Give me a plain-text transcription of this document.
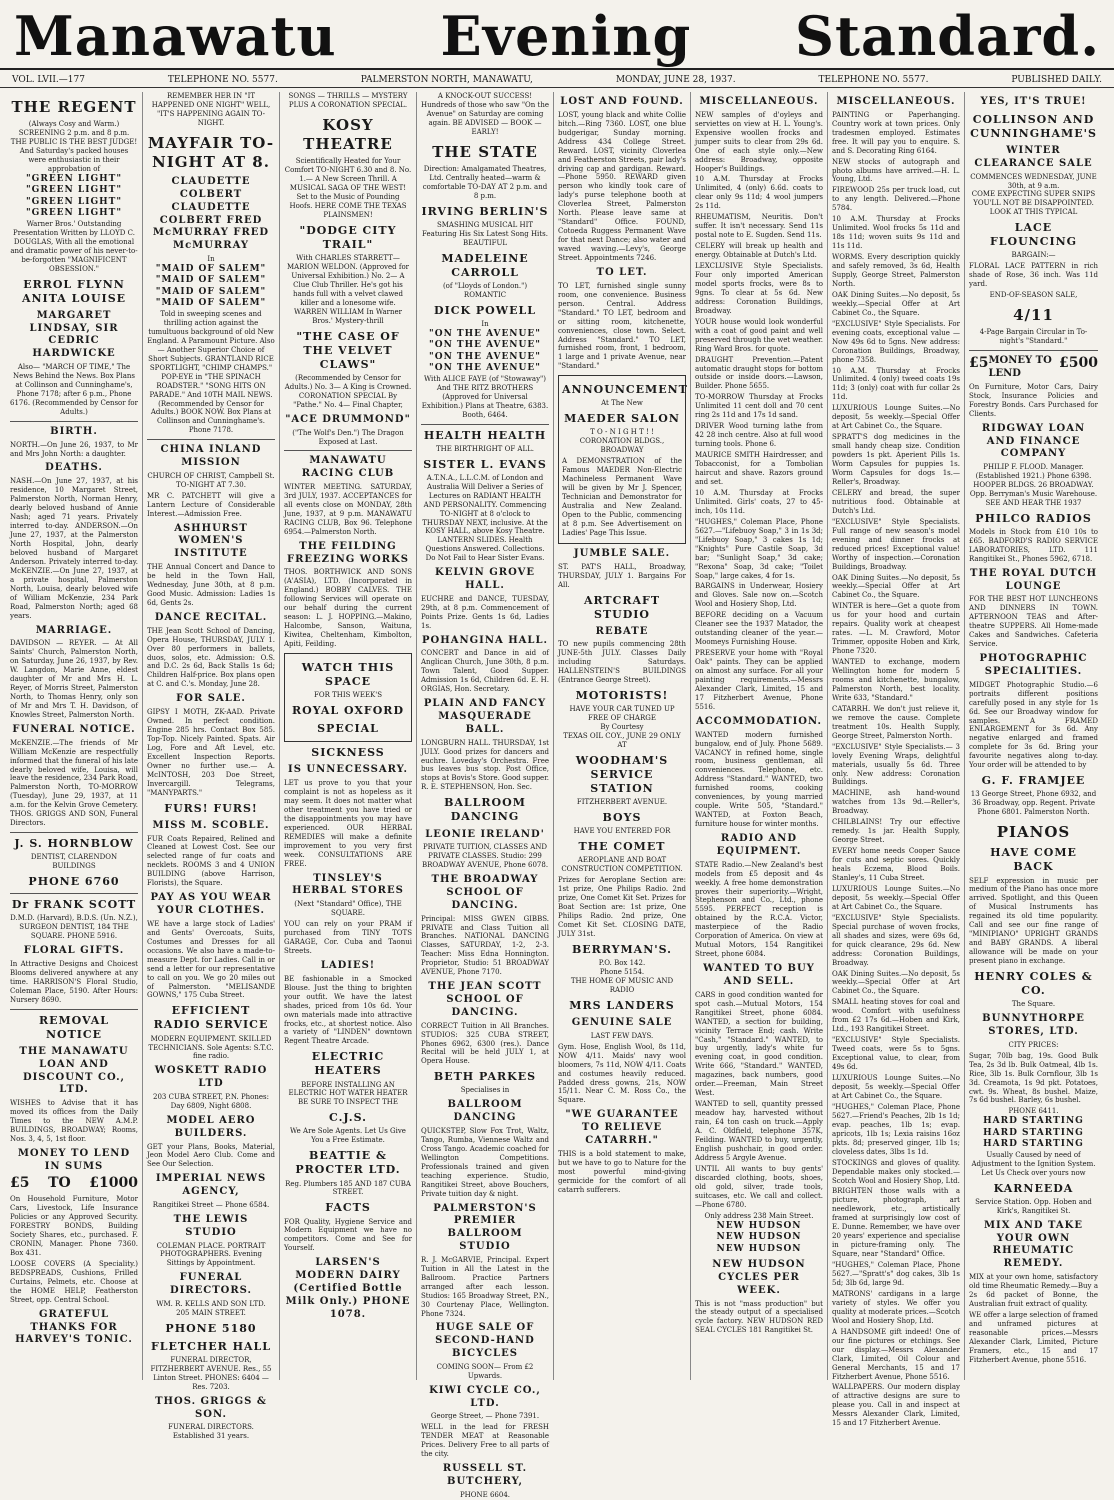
Manawatu Evening Standard.
VOL. LVII.—177	TELEPHONE NO. 5577.	PALMERSTON NORTH, MANAWATU,	MONDAY, JUNE 28, 1937.	TELEPHONE NO. 5577.	PUBLISHED DAILY.
THE REGENT
(Always Cosy and Warm.) SCREENING 2 p.m. and 8 p.m. THE PUBLIC IS THE BEST JUDGE! And Saturday's packed houses were enthusiastic in their approbation of
"GREEN LIGHT"
"GREEN LIGHT"
"GREEN LIGHT"
"GREEN LIGHT"
Warner Bros.' Outstanding Presentation Written by LLOYD C. DOUGLAS, With all the emotional and dramatic power of his never-to-be-forgotten "MAGNIFICENT OBSESSION."
ERROL FLYNN ANITA LOUISE
MARGARET LINDSAY, SIR CEDRIC HARDWICKE
Also— "MARCH OF TIME," The News Behind the News. Box Plans at Collinson and Cunninghame's, Phone 7178; after 6 p.m., Phone 6176. (Recommended by Censor for Adults.)
BIRTH.
NORTH.—On June 26, 1937, to Mr and Mrs John North: a daughter.
DEATHS.
NASH.—On June 27, 1937, at his residence, 10 Margaret Street, Palmerston North, Norman Henry, dearly beloved husband of Annie Nash; aged 71 years. Privately interred to-day. ANDERSON.—On June 27, 1937, at the Palmerston North Hospital, John, dearly beloved husband of Margaret Anderson. Privately interred to-day. McKENZIE.—On June 27, 1937, at a private hospital, Palmerston North, Louisa, dearly beloved wife of William McKenzie, 234 Park Road, Palmerston North; aged 68 years.
MARRIAGE.
DAVIDSON — REYER. — At All Saints' Church, Palmerston North, on Saturday, June 26, 1937, by Rev. W. Langdon, Marie Anne, eldest daughter of Mr and Mrs H. L. Reyer, of Morris Street, Palmerston North, to Thomas Henry, only son of Mr and Mrs T. H. Davidson, of Knowles Street, Palmerston North.
FUNERAL NOTICE.
McKENZIE.—The friends of Mr William McKenzie are respectfully informed that the funeral of his late dearly beloved wife, Louisa, will leave the residence, 234 Park Road, Palmerston North, TO-MORROW (Tuesday), June 29, 1937, at 11 a.m. for the Kelvin Grove Cemetery. THOS. GRIGGS AND SON, Funeral Directors.
J. S. HORNBLOW
DENTIST, CLARENDON BUILDINGS
PHONE 6760
Dr FRANK SCOTT
D.M.D. (Harvard), B.D.S. (Un. N.Z.), SURGEON DENTIST, 184 THE SQUARE. PHONE 5916.
FLORAL GIFTS.
In Attractive Designs and Choicest Blooms delivered anywhere at any time. HARRISON'S Floral Studio, Coleman Place, 5190. After Hours: Nursery 8690.
REMOVAL NOTICE
THE MANAWATU LOAN AND DISCOUNT CO., LTD.
WISHES to Advise that it has moved its offices from the Daily Times to the NEW A.M.P. BUILDINGS, BROADWAY; Rooms, Nos. 3, 4, 5, 1st floor.
MONEY TO LEND IN SUMS
£5 TO £1000
On Household Furniture, Motor Cars, Livestock, Life Insurance Policies or any Approved Security. FORESTRY BONDS, Building Society Shares, etc., purchased. F. CRONIN, Manager. Phone 7360. Box 431.
LOOSE COVERS (A Speciality.) BEDSPREADS, Cushions, Frilled Curtains, Pelmets, etc. Choose at the HOME HELP, Featherston Street, opp. Central School.
GRATEFUL THANKS FOR HARVEY'S TONIC.
REMEMBER HER IN "IT HAPPENED ONE NIGHT" WELL, "IT'S HAPPENING AGAIN TO-NIGHT.
MAYFAIR TO-NIGHT AT 8.
CLAUDETTE COLBERT CLAUDETTE COLBERT FRED McMURRAY FRED McMURRAY
In
"MAID OF SALEM"
"MAID OF SALEM"
"MAID OF SALEM"
"MAID OF SALEM"
Told in sweeping scenes and thrilling action against the tumultuous background of old New England. A Paramount Picture. Also— Another Superior Choice of Short Subjects. GRANTLAND RICE SPORTLIGHT, "CHIMP CHAMPS." POP-EYE in "THE SPINACH ROADSTER." "SONG HITS ON PARADE." And 10TH MAIL NEWS. (Recommended by Censor for Adults.) BOOK NOW. Box Plans at Collinson and Cunninghame's. Phone 7178.
CHINA INLAND MISSION
CHURCH OF CHRIST, Campbell St. TO-NIGHT AT 7.30.
MR C. PATCHETT will give a Lantern Lecture of Considerable Interest.—Admission Free.
ASHHURST WOMEN'S INSTITUTE
THE Annual Concert and Dance to be held in the Town Hall, Wednesday, June 30th, at 8 p.m. Good Music. Admission: Ladies 1s 6d, Gents 2s.
DANCE RECITAL.
THE Jean Scott School of Dancing, Opera House, THURSDAY, JULY 1. Over 80 performers in ballets, duos, solos, etc. Admission: O.S. and D.C. 2s 6d, Back Stalls 1s 6d; Children Half-price. Box plans open at C. and C.'s. Monday, June 28.
FOR SALE.
GIPSY I MOTH, ZK-AAD. Private Owned. In perfect condition. Engine 285 hrs. Contact Box 585. Top-Top. Nicely Painted. Spats. Air Log, Fore and Aft Level, etc. Excellent Inspection Reports. Owner no further use.— A. McINTOSH, 203 Doe Street, Invercargill. Telegrams, "MANYPARTS."
FURS! FURS!
MISS M. SCOBLE.
FUR Coats Repaired, Relined and Cleaned at Lowest Cost. See our selected range of fur coats and necklets. ROOMS 3 and 4 UNION BUILDING (above Harrison, Florists), the Square.
PAY AS YOU WEAR YOUR CLOTHES.
WE have a large stock of Ladies' and Gents' Overcoats, Suits, Costumes and Dresses for all occasions. We also have a made-to-measure Dept. for Ladies. Call in or send a letter for our representative to call on you. We go 20 miles out of Palmerston. "MELISANDE GOWNS," 175 Cuba Street.
EFFICIENT RADIO SERVICE
MODERN EQUIPMENT. SKILLED TECHNICIANS. Sole Agents: S.T.C. fine radio.
WOSKETT RADIO LTD
203 CUBA STREET, P.N. Phones: Day 6809, Night 6808.
MODEL AERO BUILDERS.
GET your Plans, Books, Material, Jeon Model Aero Club. Come and See Our Selection.
IMPERIAL NEWS AGENCY,
Rangitikei Street — Phone 6584.
THE LEWIS STUDIO
COLEMAN PLACE. PORTRAIT PHOTOGRAPHERS. Evening Sittings by Appointment.
FUNERAL DIRECTORS.
WM. R. KELLS AND SON LTD.
205 MAIN STREET.
PHONE 5180
FLETCHER HALL
FUNERAL DIRECTOR, FITZHERBERT AVENUE. Res., 55 Linton Street. PHONES: 6404 — Res. 7203.
THOS. GRIGGS & SON.
FUNERAL DIRECTORS. Established 31 years.
SONGS — THRILLS — MYSTERY PLUS A CORONATION SPECIAL.
KOSY THEATRE
Scientifically Heated for Your Comfort TO-NIGHT 6.30 and 8. No. 1.— A New Screen Thrill. A MUSICAL SAGA OF THE WEST! Set to the Music of Pounding Hoofs. HERE COME THE TEXAS PLAINSMEN!
"DODGE CITY TRAIL"
With CHARLES STARRETT—MARION WELDON. (Approved for Universal Exhibition.) No. 2— A Clue Club Thriller. He's got his hands full with a velvet clawed killer and a lonesome wife. WARREN WILLIAM In Warner Bros.' Mystery-thrill
"THE CASE OF THE VELVET CLAWS"
(Recommended by Censor for Adults.) No. 3— A King is Crowned. CORONATION SPECIAL By "Pathe." No. 4— Final Chapter,
"ACE DRUMMOND"
("The Wolf's Den.") The Dragon Exposed at Last.
MANAWATU RACING CLUB
WINTER MEETING. SATURDAY, 3rd JULY, 1937. ACCEPTANCES for all events close on MONDAY, 28th June, 1937, at 9 p.m. MANAWATU RACING CLUB, Box 96. Telephone 6954.—Palmerston North.
THE FEILDING FREEZING WORKS
THOS. BORTHWICK AND SONS (A'ASIA), LTD. (Incorporated in England.) BOBBY CALVES. THE following Services will operate on our behalf during the current season: L. J. HOPPING.—Makino, Halcombe, Sanson, Waituna, Kiwitea, Cheltenham, Kimbolton, Apiti, Feilding.
WATCH THIS SPACE
FOR THIS WEEK'S
ROYAL OXFORD
SPECIAL
SICKNESS
IS UNNECESSARY.
LET us prove to you that your complaint is not as hopeless as it may seem. It does not matter what other treatment you have tried or the disappointments you may have experienced. OUR HERBAL REMEDIES will make a definite improvement to you very first week. CONSULTATIONS ARE FREE.
TINSLEY'S HERBAL STORES
(Next "Standard" Office), THE SQUARE.
YOU can rely on your PRAM if purchased from TINY TOTS GARAGE, Cor. Cuba and Taonui Streets.
LADIES!
BE fashionable in a Smocked Blouse. Just the thing to brighten your outfit. We have the latest shades, priced from 10s 6d. Your own materials made into attractive frocks, etc., at shortest notice. Also a variety of "LINDEN" downtown Regent Theatre Arcade.
ELECTRIC HEATERS
BEFORE INSTALLING AN ELECTRIC HOT WATER HEATER BE SURE TO INSPECT THE
C.J.S.
We Are Sole Agents. Let Us Give You a Free Estimate.
BEATTIE & PROCTER LTD.
Reg. Plumbers 185 AND 187 CUBA STREET.
FACTS
FOR Quality, Hygiene Service and Modern Equipment we have no competitors. Come and See for Yourself.
LARSEN'S MODERN DAIRY (Certified Bottle Milk Only.) PHONE 1078.
A KNOCK-OUT SUCCESS! Hundreds of those who saw "On the Avenue" on Saturday are coming again. BE ADVISED — BOOK — EARLY!
THE STATE
Direction: Amalgamated Theatres, Ltd. Centrally heated—warm & comfortable TO-DAY AT 2 p.m. and 8 p.m.
IRVING BERLIN'S
SMASHING MUSICAL HIT Featuring His Six Latest Song Hits. BEAUTIFUL
MADELEINE CARROLL
(of "Lloyds of London.") ROMANTIC
DICK POWELL
In
"ON THE AVENUE"
"ON THE AVENUE"
"ON THE AVENUE"
"ON THE AVENUE"
With ALICE FAYE (of "Stowaway") And THE RITZ BROTHERS (Approved for Universal Exhibition.) Plans at Theatre, 6383. Booth, 6464.
HEALTH HEALTH
THE BIRTHRIGHT OF ALL.
SISTER L. EVANS
A.T.N.A., L.L.C.M. of London and Australia Will Deliver a Series of Lectures on RADIANT HEALTH AND PERSONALITY. Commencing TO-NIGHT at 8 o'clock to THURSDAY NEXT, inclusive. At the KOSY HALL, above Kosy Theatre. LANTERN SLIDES. Health Questions Answered. Collections. Do Not Fail to Hear Sister Evans.
KELVIN GROVE HALL.
EUCHRE and DANCE, TUESDAY, 29th, at 8 p.m. Commencement of Points Prize. Gents 1s 6d, Ladies 1s.
POHANGINA HALL.
CONCERT and Dance in aid of Anglican Church, June 30th, 8 p.m. Town Talent, Good Supper. Admission 1s 6d, Children 6d. E. H. ORGIAS, Hon. Secretary.
PLAIN AND FANCY MASQUERADE BALL.
LONGBURN HALL. THURSDAY, 1st JULY. Good prizes for dancers and euchre. Loveday's Orchestra. Free bus leaves bus stop. Post Office, stops at Bovis's Store. Good supper. R. E. STEPHENSON, Hon. Sec.
BALLROOM DANCING
LEONIE IRELAND'
PRIVATE TUITION, CLASSES AND PRIVATE CLASSES. Studio: 299 BROADWAY AVENUE, Phone 6078.
THE BROADWAY SCHOOL OF DANCING.
Principal: MISS GWEN GIBBS. PRIVATE and Class Tuition all Branches. NATIONAL DANCING Classes, SATURDAY, 1-2, 2-3. Teacher: Miss Edna Honnington. Proprietor, Studio: 51 BROADWAY AVENUE, Phone 7170.
THE JEAN SCOTT SCHOOL OF DANCING.
CORRECT Tuition in All Branches. STUDIOS: 325 CUBA STREET, Phones 6962, 6300 (res.). Dance Recital will be held JULY 1, at Opera House.
BETH PARKES
Specialises in
BALLROOM DANCING
QUICKSTEP, Slow Fox Trot, Waltz, Tango, Rumba, Viennese Waltz and Cross Tango. Academic coached for Wellington Competitions. Professionals trained and given teaching experience. Studio, Rangitikei Street, above Bouchers, Private tuition day & night.
PALMERSTON'S PREMIER BALLROOM STUDIO
R. J. McGARVIE, Principal. Expert Tuition in All the Latest in the Ballroom. Practice Partners arranged after each lesson. Studios: 165 Broadway Street, P.N., 30 Courtenay Place, Wellington. Phone 7324.
HUGE SALE OF SECOND-HAND BICYCLES
COMING SOON— From £2 Upwards.
KIWI CYCLE CO., LTD.
George Street, — Phone 7391.
WELL in the lead for FRESH TENDER MEAT at Reasonable Prices. Delivery Free to all parts of the city.
RUSSELL ST. BUTCHERY,
PHONE 6604.
LOST AND FOUND.
LOST, young black and white Collie bitch.—Ring 7360. LOST, one blue budgerigar, Sunday morning. Address 434 College Street. Reward. LOST, vicinity Cloverlea and Featherston Streets, pair lady's driving cap and gardigan. Reward.—Phone 5950. REWARD given person who kindly took care of lady's purse telephone booth at Cloverlea Street, Palmerston North. Please leave same at "Standard" Office. FOUND, Cotoeda Ruggess Permanent Wave for that next Dance; also water and waved waving.—Levy's, George Street. Appointments 7246.
TO LET.
TO LET, furnished single sunny room, one convenience. Business person. Central. Address "Standard." TO LET, bedroom and or sitting room, kitchenette, conveniences, close town. Select. Address "Standard." TO LET, furnished room, front, 1 bedroom, 1 large and 1 private Avenue, near "Standard."
ANNOUNCEMENT
At The New
MAEDER SALON
T O - N I G H T ! !
CORONATION BLDGS., BROADWAY
A DEMONSTRATION of the Famous MAEDER Non-Electric Machineless Permanent Wave will be given by Mr J. Spencer, Technician and Demonstrator for Australia and New Zealand. Open to the Public, commencing at 8 p.m. See Advertisement on Ladies' Page This Issue.
JUMBLE SALE.
ST. PAT'S HALL, Broadway, THURSDAY, JULY 1. Bargains For All.
ARTCRAFT STUDIO
REBATE
TO new pupils commencing 28th JUNE-5th JULY. Classes Daily including Saturdays. HALLENSTEIN'S BUILDINGS (Entrance George Street).
MOTORISTS!
HAVE YOUR CAR TUNED UP
FREE OF CHARGE
By Courtesy
TEXAS OIL COY., JUNE 29 ONLY
AT
WOODHAM'S SERVICE STATION
FITZHERBERT AVENUE.
BOYS
HAVE YOU ENTERED FOR
THE COMET
AEROPLANE AND BOAT CONSTRUCTION COMPETITION.
Prizes for Aeroplane Section are: 1st prize, One Philips Radio. 2nd prize, One Comet Kit Set. Prizes for Boat Section are: 1st prize, One Philips Radio. 2nd prize, One Comet Kit Set. CLOSING DATE, JULY 31st.
BERRYMAN'S.
P.O. Box 142.
Phone 5154.
THE HOME OF MUSIC AND RADIO
MRS LANDERS
GENUINE SALE
LAST FEW DAYS.
Gym. Hose, English Wool, 8s 11d, NOW 4/11. Maids' navy wool bloomers, 7s 11d, NOW 4/11. Coats and costumes heavily reduced. Padded dress gowns, 21s, NOW 15/11. Near C. M. Ross Co., the Square.
"WE GUARANTEE TO RELIEVE CATARRH."
THIS is a bold statement to make, but we have to go to Nature for the most powerful mind-giving germicide for the comfort of all catarrh sufferers.
MISCELLANEOUS.
NEW samples of d'oyleys and serviettes on view at H. L. Young's. Expensive woollen frocks and jumper suits to clear from 29s 6d. One of each style only.—New address: Broadway, opposite Hooper's Buildings.
10 A.M. Thursday at Frocks Unlimited, 4 (only) 6.6d. coats to clear only 9s 11d; 4 wool jumpers 2s 11d.
RHEUMATISM, Neuritis. Don't suffer. It isn't necessary. Send 11s postal note to E. Sugden. Send 11s.
CELERY will break up health and energy. Obtainable at Dutch's Ltd.
LEXCLUSIVE Style Specialists. Four only imported American model sports frocks, were 8s to 9gns. To clear at 5s 6d. New address: Coronation Buildings, Broadway.
YOUR house would look wonderful with a coat of good paint and well preserved through the wet weather. Ring Ward Bros. for quote.
DRAUGHT Prevention.—Patent automatic draught stops for bottom outside or inside doors.—Lawson, Builder. Phone 5655.
TO-MORROW Thursday at Frocks Unlimited 11 cent doll and 70 cent ring 2s 11d and 17s 1d sand.
DRIVER Wood turning lathe from 42 28 inch centre. Also at full wood turning tools. Phone 6.
MAURICE SMITH Hairdresser, and Tobacconist, for a Tombolian haircut and shave. Razors ground and set.
10 A.M. Thursday at Frocks Unlimited. Girls' coats, 27 to 45-inch, 10s 11d.
"HUGHES," Coleman Place, Phone 5627.—"Lifebuoy Soap," 3 in 1s 3d; "Lifebuoy Soap," 3 cakes 1s 1d; "Knights" Pure Castile Soap, 3d bar; "Sunlight Soap," 3d cake; "Rexona" Soap, 3d cake; "Toilet Soap," large cakes, 4 for 1s.
BARGAINS in Underwear, Hosiery and Gloves. Sale now on.—Scotch Wool and Hosiery Shop, Ltd.
BEFORE deciding on a Vacuum Cleaner see the 1937 Matador, the outstanding cleaner of the year.— Moomeys Furnishing House.
PRESERVE your home with "Royal Oak" paints. They can be applied on almost any surface. For all your painting requirements.—Messrs Alexander Clark, Limited, 15 and 17 Fitzherbert Avenue, Phone 5516.
ACCOMMODATION.
WANTED modern furnished bungalow, end of July. Phone 5689. VACANCY in refined home, single room, business gentleman, all conveniences. Telephone, etc. Address "Standard." WANTED, two furnished rooms, cooking conveniences, by young married couple. Write 505, "Standard." WANTED, at Foxton Beach, furniture house for winter months.
RADIO AND EQUIPMENT.
STATE Radio.—New Zealand's best models from £5 deposit and 4s weekly. A free home demonstration proves their superiority.—Wright, Stephenson and Co., Ltd., phone 5595. PERFECT reception is obtained by the R.C.A. Victor, masterpiece of the Radio Corporation of America. On view at Mutual Motors, 154 Rangitikei Street, phone 6084.
WANTED TO BUY AND SELL.
CARS in good condition wanted for spot cash.—Mutual Motors, 154 Rangitikei Street, phone 6084. WANTED, a section for building, vicinity Terrace End; cash. Write "Cash," "Standard." WANTED, to buy urgently, lady's white fur evening coat, in good condition. Write 666, "Standard." WANTED, magazines, back numbers, good order.—Freeman, Main Street West.
WANTED to sell, quantity pressed meadow hay, harvested without rain, £4 ton cash on truck.—Apply A. C. Oldfield, telephone 357K, Feilding. WANTED to buy, urgently, English pushchair, in good order. Address 5 Argyle Avenue.
UNTIL All wants to buy gents' discarded clothing, boots, shoes, old gold, silver, trade tools, suitcases, etc. We call and collect.—Phone 6780.
Only address 238 Main Street.
NEW HUDSON
NEW HUDSON
NEW HUDSON
NEW HUDSON CYCLES PER WEEK.
This is not "mass production" but the steady output of a specialised cycle factory. NEW HUDSON RED SEAL CYCLES 181 Rangitikei St.
MISCELLANEOUS.
PAINTING or Paperhanging. Country work at town prices. Only tradesmen employed. Estimates free. It will pay you to enquire. S. and S. Decorating Ring 6164.
NEW stocks of autograph and photo albums have arrived.—H. L. Young, Ltd.
FIREWOOD 25s per truck load, cut to any length. Delivered.—Phone 5784.
10 A.M. Thursday at Frocks Unlimited. Wool frocks 5s 11d and 18s 11d; woven suits 9s 11d and 11s 11d.
WORMS. Every description quickly and safely removed, 3s 6d, Health Supply, George Street, Palmerston North.
OAK Dining Suites.—No deposit, 5s weekly.—Special Offer at Art Cabinet Co., the Square.
"EXCLUSIVE" Style Specialists. For evening coats, exceptional value —Now 49s 6d to 5gns. New address: Coronation Buildings, Broadway, phone 7358.
10 A.M. Thursday at Frocks Unlimited. 4 (only) tweed coats 19s 11d; 3 (only) coat with fur collar 2s 11d.
LUXURIOUS Lounge Suites.—No deposit, 5s weekly.—Special Offer at Art Cabinet Co., the Square.
SPRATT'S dog medicines in the small handy cheap size. Condition powders 1s pkt. Aperient Pills 1s. Worm Capsules for puppies 1s. Worm Capsules for dogs 1s.—Reller's, Broadway.
CELERY and bread, the super nutritious food. Obtainable at Dutch's Ltd.
"EXCLUSIVE" Style Specialists. Full range of new season's model evening and dinner frocks at reduced prices! Exceptional value! Worthy of inspection.—Coronation Buildings, Broadway.
OAK Dining Suites.—No deposit, 5s weekly.—Special Offer at Art Cabinet Co., the Square.
WINTER is here—Get a quote from us for your hood and curtain repairs. Quality work at cheapest rates. —L. M. Crawford, Motor Trimmer, opposite Hoben and Kirk, Phone 7320.
WANTED to exchange, modern Wellington home for modern 5 rooms and kitchenette, bungalow, Palmerston North, best locality. Write 633, "Standard."
CATARRH. We don't just relieve it, we remove the cause. Complete treatment 10s. Health Supply, George Street, Palmerston North.
"EXCLUSIVE" Style Specialists.— 3 lovely Evening Wraps, delightful materials, usually 5s 6d. Three only. New address: Coronation Buildings.
MACHINE, ash hand-wound watches from 13s 9d.—Reller's, Broadway.
CHILBLAINS! Try our effective remedy. 1s jar. Health Supply, George Street.
EVERY home needs Cooper Sauce for cuts and septic sores. Quickly heals Eczema, Blood Boils. Stanley's, 11 Cuba Street.
LUXURIOUS Lounge Suites.—No deposit, 5s weekly.—Special Offer at Art Cabinet Co., the Square.
"EXCLUSIVE" Style Specialists. Special purchase of woven frocks, all shades and sizes, were 69s 6d, for quick clearance, 29s 6d. New address: Coronation Buildings, Broadway.
OAK Dining Suites.—No deposit, 5s weekly.—Special Offer at Art Cabinet Co., the Square.
SMALL heating stoves for coal and wood. Comfort with usefulness from £2 17s 6d.—Hoben and Kirk, Ltd., 193 Rangitikei Street.
"EXCLUSIVE" Style Specialists. Tweed coats, were 5s to 5gns. Exceptional value, to clear, from 49s 6d.
LUXURIOUS Lounge Suites.—No deposit, 5s weekly.—Special Offer at Art Cabinet Co., the Square.
"HUGHES," Coleman Place, Phone 5627.—Friend's Peaches, 2lb 1s 1d; evap. peaches, 1lb 1s; evap. apricots, 1lb 1s; Lexia raisins 16oz pkts. 8d; preserved ginger, 1lb 1s; cloveless dates, 3lbs 1s 1d.
STOCKINGS and gloves of quality. Dependable makes only stocked.—Scotch Wool and Hosiery Shop, Ltd.
BRIGHTEN those walls with a picture, photograph, art needlework, etc., artistically framed at surprisingly low cost of E. Dunne. Remember, we have over 20 years' experience and specialise in picture-framing only. The Square, near "Standard" Office.
"HUGHES," Coleman Place, Phone 5627.—"Spratt's" dog cakes, 3lb 1s 5d; 3lb 6d, large 9d.
MATRONS' cardigans in a large variety of styles. We offer you quality at moderate prices.—Scotch Wool and Hosiery Shop, Ltd.
A HANDSOME gift indeed! One of our fine pictures or etchings. See our display.—Messrs Alexander Clark, Limited, Oil Colour and General Merchants, 15 and 17 Fitzherbert Avenue, Phone 5516.
WALLPAPERS. Our modern display of attractive designs are sure to please you. Call in and inspect at Messrs Alexander Clark, Limited, 15 and 17 Fitzherbert Avenue.
YES, IT'S TRUE!
COLLINSON AND CUNNINGHAME'S
WINTER CLEARANCE SALE
COMMENCES WEDNESDAY, JUNE 30th, at 9 a.m.
COME EXPECTING SUPER SNIPS YOU'LL NOT BE DISAPPOINTED.
LOOK AT THIS TYPICAL
LACE FLOUNCING
BARGAIN:—
FLORAL LACE PATTERN in rich shade of Rose, 36 inch. Was 11d yard.
END-OF-SEASON SALE,
4/11
4-Page Bargain Circular in To-night's "Standard."
£5 MONEY TO LEND
£500
On Furniture, Motor Cars, Dairy Stock, Insurance Policies and Forestry Bonds. Cars Purchased for Clients.
RIDGWAY LOAN AND FINANCE COMPANY
PHILIP F. FLOOD. Manager. (Established 1921.) Phone 6398. HOOPER BLDGS. 26 BROADWAY. Opp. Berryman's Music Warehouse.
SEE AND HEAR THE 1937
PHILCO RADIOS
Models in Stock from £10 10s to £65. BADFORD'S RADIO SERVICE LABORATORIES, LTD. 111 Rangitikei St., Phones 5962, 6718.
THE ROYAL DUTCH LOUNGE
FOR THE BEST HOT LUNCHEONS AND DINNERS IN TOWN. AFTERNOON TEAS and After-theatre SUPPERS. All Home-made Cakes and Sandwiches. Cafeteria Service.
PHOTOGRAPHIC SPECIALITIES.
MIDGET Photographic Studio.—6 portraits different positions carefully posed in any style for 1s 6d. See our Broadway window for samples. A FRAMED ENLARGEMENT for 3s 6d. Any negative enlarged and framed complete for 3s 6d. Bring your favourite negatives along to-day. Your order will be attended to by
G. F. FRAMJEE
13 George Street, Phone 6932, and 36 Broadway, opp. Regent. Private Phone 6801. Palmerston North.
PIANOS
HAVE COME BACK
SELF expression in music per medium of the Piano has once more arrived. Spotlight, and this Queen of Musical Instruments has regained its old time popularity. Call and see our fine range of "MINIPIANO" UPRIGHT GRANDS and BABY GRANDS. A liberal allowance will be made on your present piano in exchange.
HENRY COLES & CO.
The Square.
BUNNYTHORPE STORES, LTD.
CITY PRICES:
Sugar, 70lb bag, 19s. Good Bulk Tea, 2s 3d lb. Bulk Oatmeal, 4lb 1s. Rice, 3lb 1s. Bulk Cornflour, 3lb 1s 3d. Creamota, 1s 9d pkt. Potatoes, cwt. 9s. Wheat, 8s bushel. Maize, 7s 6d bushel. Barley, 6s bushel.
PHONE 6411.
HARD STARTING
HARD STARTING
HARD STARTING
Usually Caused by need of Adjustment to the Ignition System. Let Us Check over yours now
KARNEEDA
Service Station. Opp. Hoben and Kirk's, Rangitikei St.
MIX AND TAKE YOUR OWN RHEUMATIC REMEDY.
MIX at your own home, satisfactory old time Rheumatic Remedy.—Buy a 2s 6d packet of Bonne, the Australian fruit extract of quality.
WE offer a large selection of framed and unframed pictures at reasonable prices.—Messrs Alexander Clark, Limited, Picture Framers, etc., 15 and 17 Fitzherbert Avenue, phone 5516.
